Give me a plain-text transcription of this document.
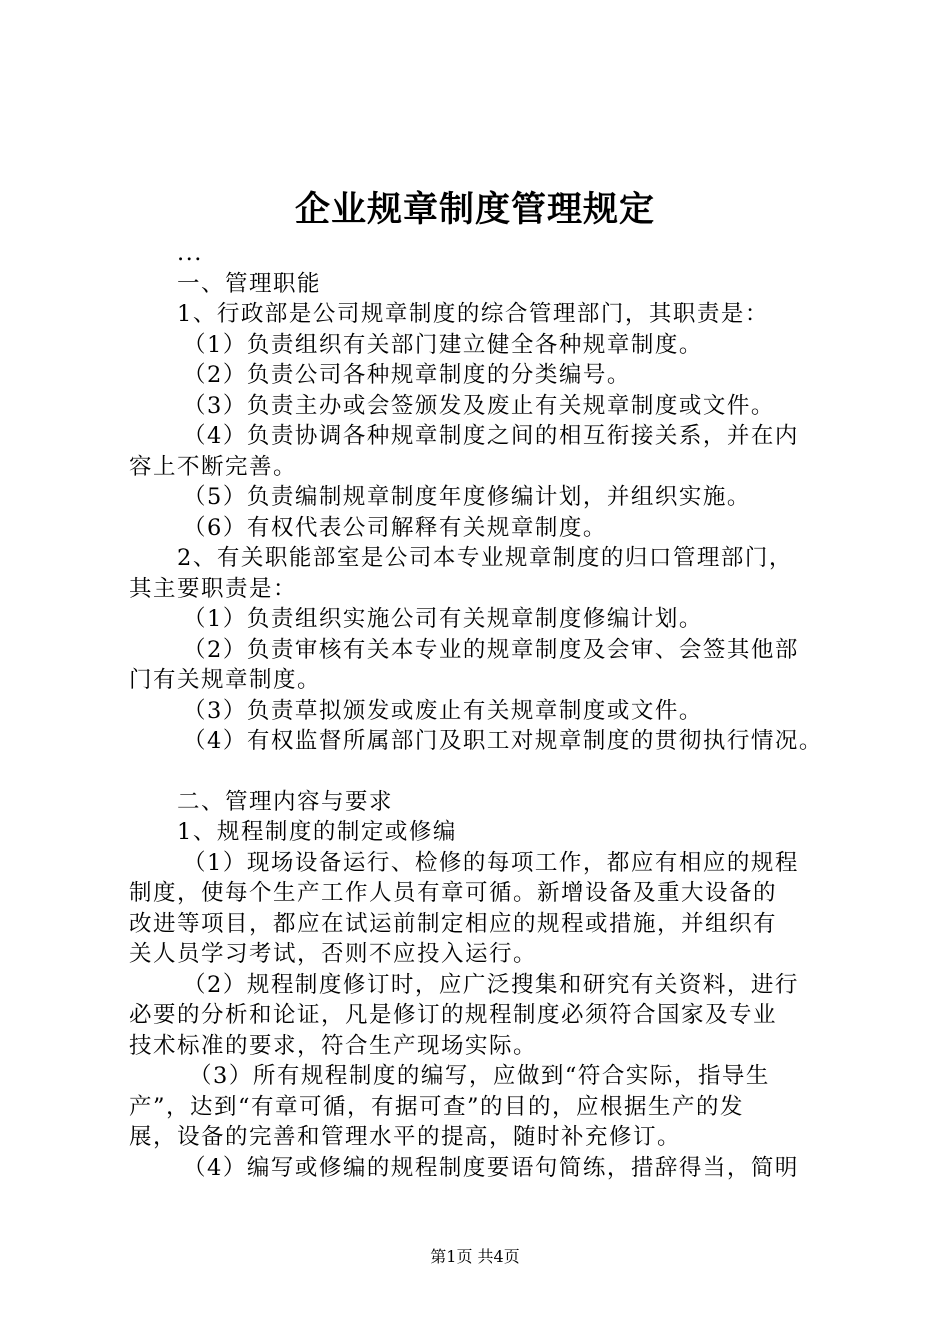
企业规章制度管理规定

...

一、管理职能

1、行政部是公司规章制度的综合管理部门，其职责是：

（1）负责组织有关部门建立健全各种规章制度。

（2）负责公司各种规章制度的分类编号。

（3）负责主办或会签颁发及废止有关规章制度或文件。

（4）负责协调各种规章制度之间的相互衔接关系，并在内

容上不断完善。

（5）负责编制规章制度年度修编计划，并组织实施。

（6）有权代表公司解释有关规章制度。

2、有关职能部室是公司本专业规章制度的归口管理部门，

其主要职责是：

（1）负责组织实施公司有关规章制度修编计划。

（2）负责审核有关本专业的规章制度及会审、会签其他部

门有关规章制度。

（3）负责草拟颁发或废止有关规章制度或文件。

（4）有权监督所属部门及职工对规章制度的贯彻执行情况。

二、管理内容与要求

1、规程制度的制定或修编

（1）现场设备运行、检修的每项工作，都应有相应的规程

制度，使每个生产工作人员有章可循。新增设备及重大设备的

改进等项目，都应在试运前制定相应的规程或措施，并组织有

关人员学习考试，否则不应投入运行。

（2）规程制度修订时，应广泛搜集和研究有关资料，进行

必要的分析和论证，凡是修订的规程制度必须符合国家及专业

技术标准的要求，符合生产现场实际。

（3）所有规程制度的编写，应做到“符合实际，指导生

产”，达到“有章可循，有据可查”的目的，应根据生产的发

展，设备的完善和管理水平的提高，随时补充修订。

（4）编写或修编的规程制度要语句简练，措辞得当，简明

第1页 共4页
